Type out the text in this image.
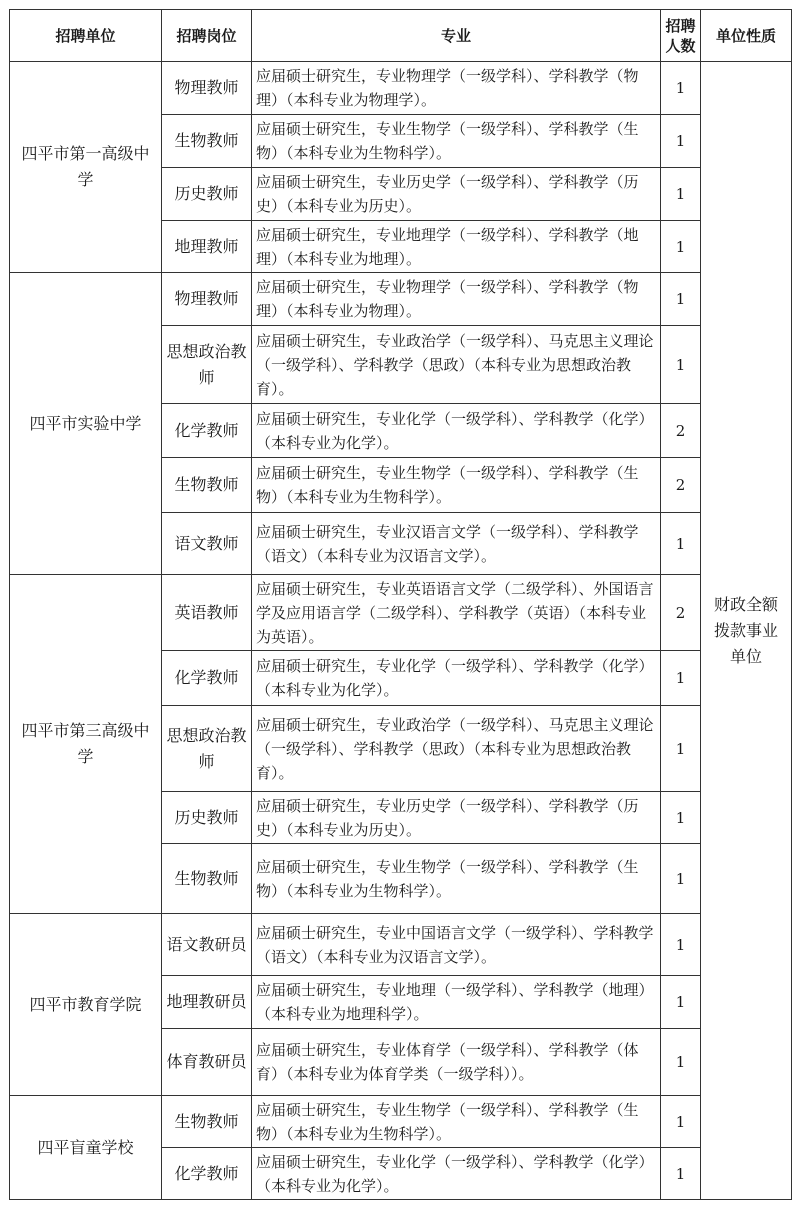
招聘单位	招聘岗位	专业	招聘人数	单位性质
四平市第一高级中学	物理教师	应届硕士研究生，专业物理学（一级学科）、学科教学（物理）（本科专业为物理学）。	1	财政全额拨款事业单位
	生物教师	应届硕士研究生，专业生物学（一级学科）、学科教学（生物）（本科专业为生物科学）。	1	
	历史教师	应届硕士研究生，专业历史学（一级学科）、学科教学（历史）（本科专业为历史）。	1	
	地理教师	应届硕士研究生，专业地理学（一级学科）、学科教学（地理）（本科专业为地理）。	1	
四平市实验中学	物理教师	应届硕士研究生，专业物理学（一级学科）、学科教学（物理）（本科专业为物理）。	1	
	思想政治教师	应届硕士研究生，专业政治学（一级学科）、马克思主义理论（一级学科）、学科教学（思政）（本科专业为思想政治教育）。	1	
	化学教师	应届硕士研究生，专业化学（一级学科）、学科教学（化学）（本科专业为化学）。	2	
	生物教师	应届硕士研究生，专业生物学（一级学科）、学科教学（生物）（本科专业为生物科学）。	2	
	语文教师	应届硕士研究生，专业汉语言文学（一级学科）、学科教学（语文）（本科专业为汉语言文学）。	1	
四平市第三高级中学	英语教师	应届硕士研究生，专业英语语言文学（二级学科）、外国语言学及应用语言学（二级学科）、学科教学（英语）（本科专业为英语）。	2	
	化学教师	应届硕士研究生，专业化学（一级学科）、学科教学（化学）（本科专业为化学）。	1	
	思想政治教师	应届硕士研究生，专业政治学（一级学科）、马克思主义理论（一级学科）、学科教学（思政）（本科专业为思想政治教育）。	1	
	历史教师	应届硕士研究生，专业历史学（一级学科）、学科教学（历史）（本科专业为历史）。	1	
	生物教师	应届硕士研究生，专业生物学（一级学科）、学科教学（生物）（本科专业为生物科学）。	1	
四平市教育学院	语文教研员	应届硕士研究生，专业中国语言文学（一级学科）、学科教学（语文）（本科专业为汉语言文学）。	1	
	地理教研员	应届硕士研究生，专业地理（一级学科）、学科教学（地理）（本科专业为地理科学）。	1	
	体育教研员	应届硕士研究生，专业体育学（一级学科）、学科教学（体育）（本科专业为体育学类（一级学科））。	1	
四平盲童学校	生物教师	应届硕士研究生，专业生物学（一级学科）、学科教学（生物）（本科专业为生物科学）。	1	
	化学教师	应届硕士研究生，专业化学（一级学科）、学科教学（化学）（本科专业为化学）。	1	
